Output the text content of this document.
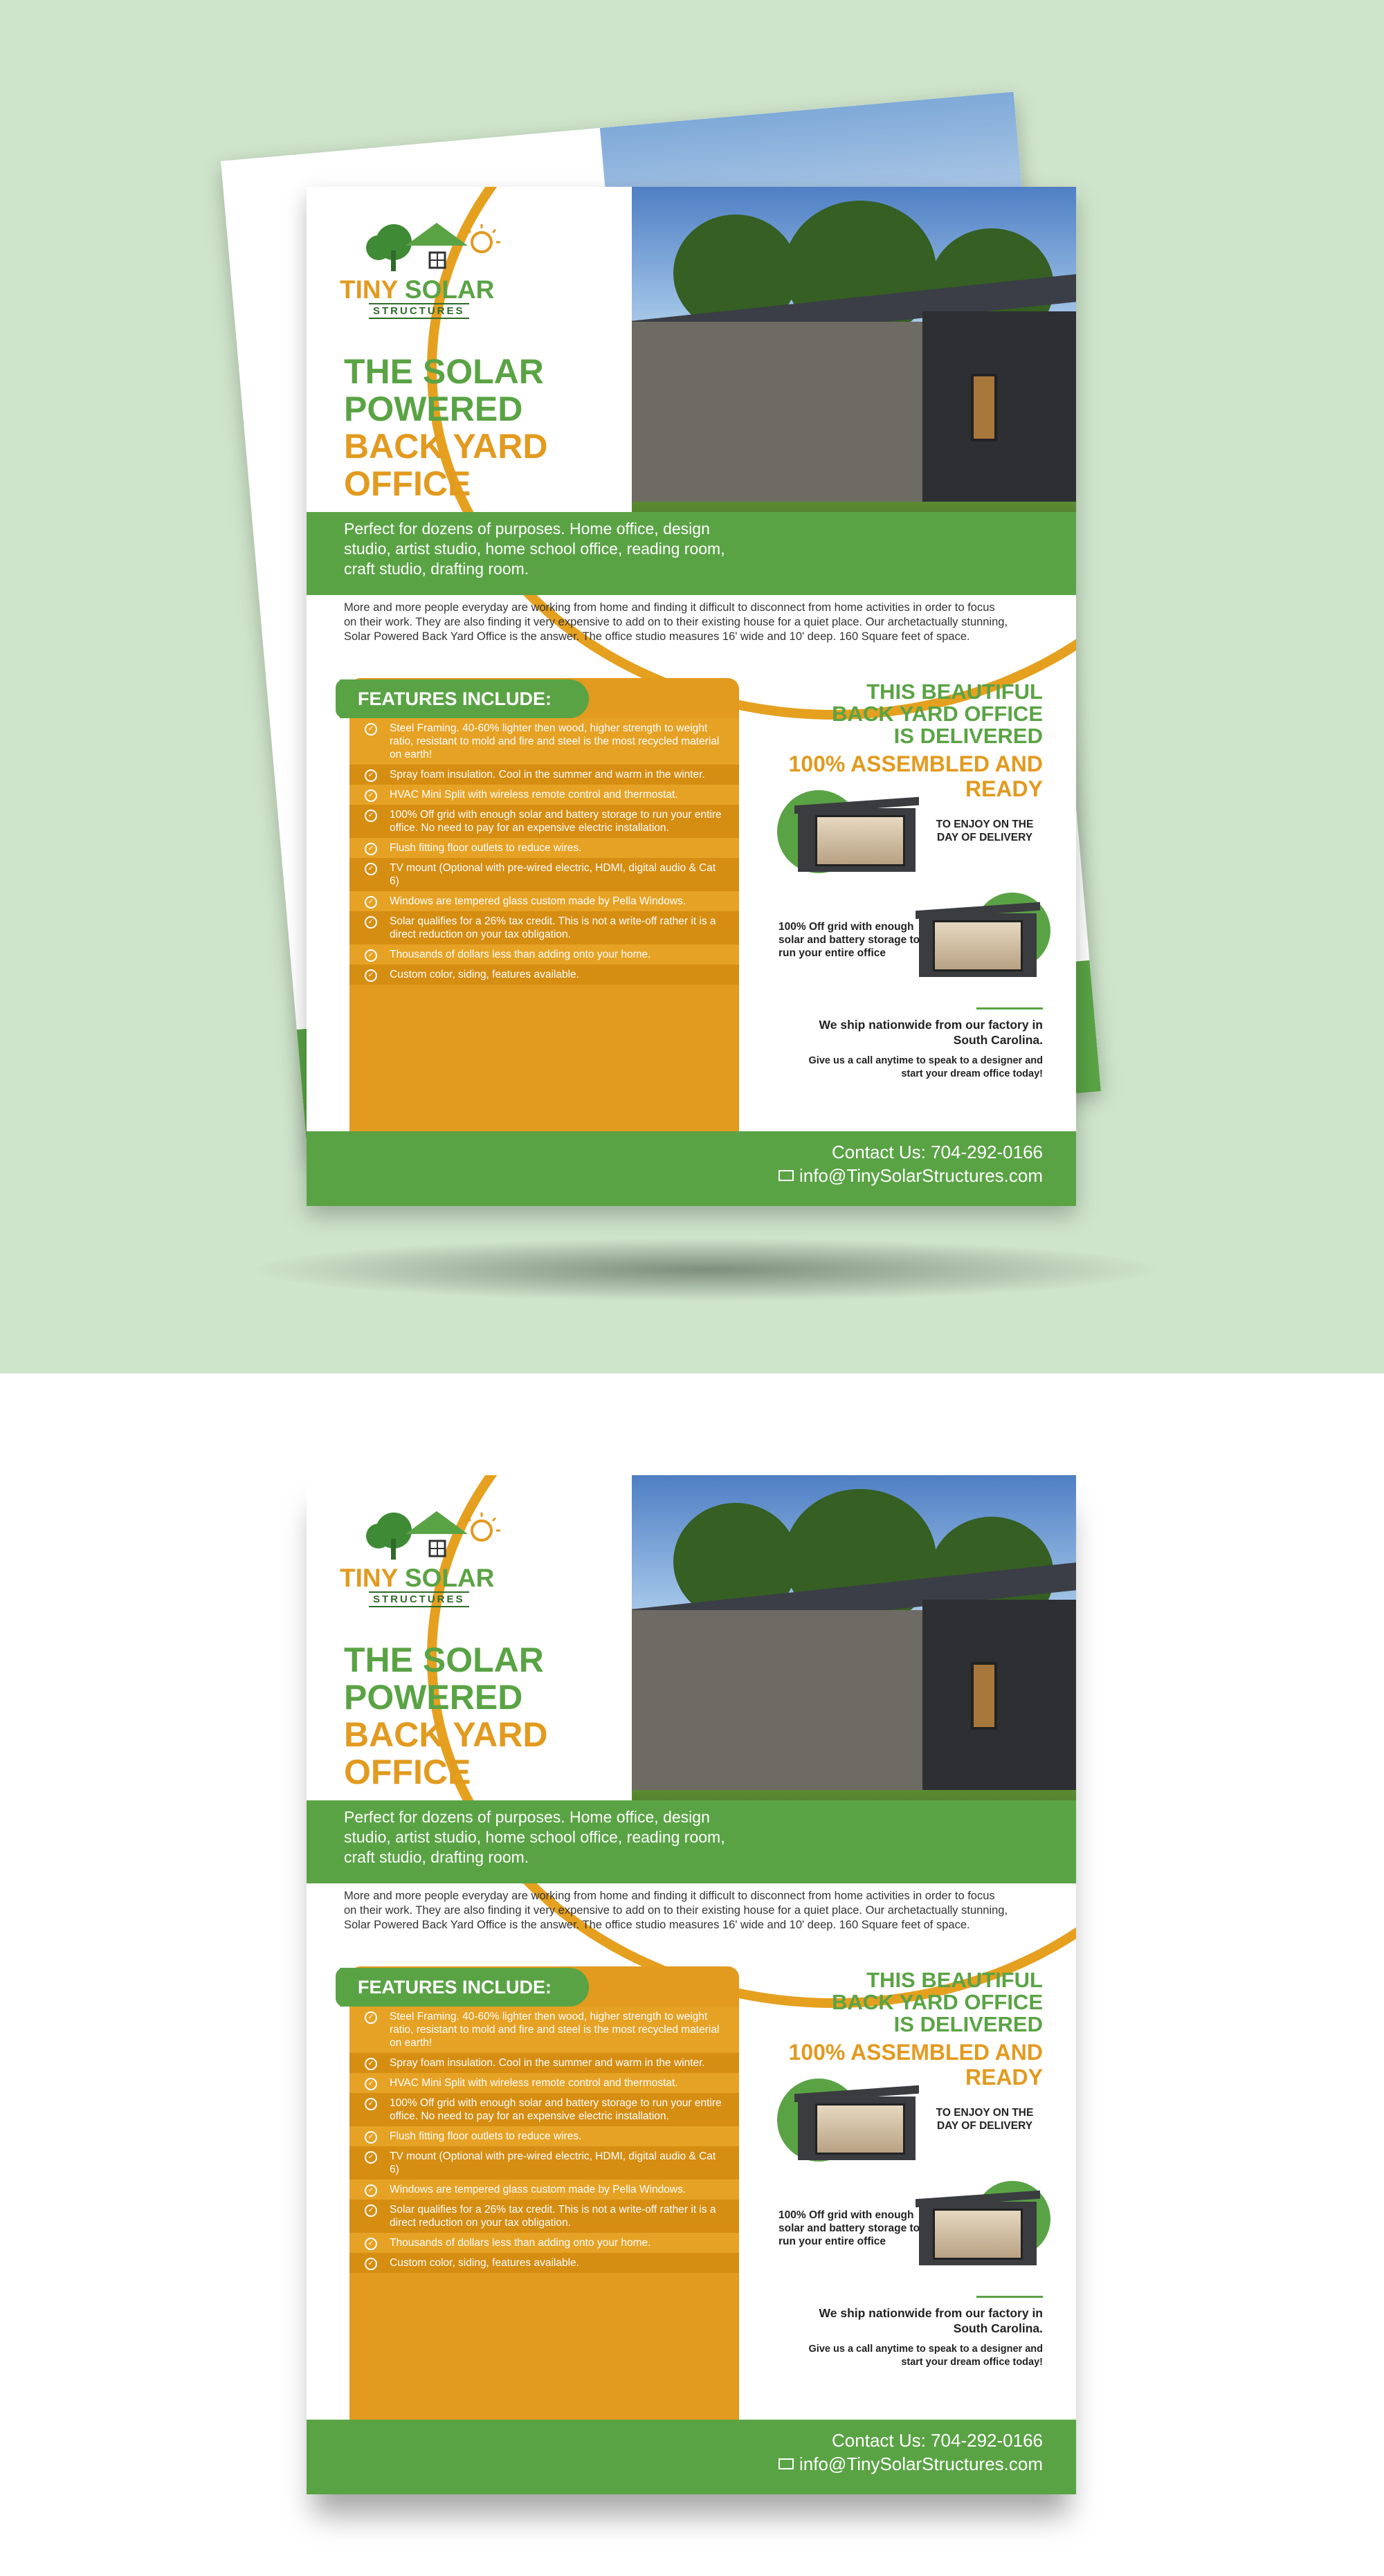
TINY SOLAR
STRUCTURES
THE SOLAR
POWERED
BACK YARD
OFFICE
Perfect for dozens of purposes. Home office, design studio, artist studio, home school office, reading room, craft studio, drafting room.
More and more people everyday are working from home and finding it difficult to disconnect from home activities in order to focus on their work. They are also finding it very expensive to add on to their existing house for a quiet place. Our archetactually stunning, Solar Powered Back Yard Office is the answer. The office studio measures 16' wide and 10' deep. 160 Square feet of space.
FEATURES INCLUDE:
✓	Steel Framing. 40-60% lighter then wood, higher strength to weight ratio, resistant to mold and fire and steel is the most recycled material on earth!
✓	Spray foam insulation. Cool in the summer and warm in the winter.
✓	HVAC Mini Split with wireless remote control and thermostat.
✓	100% Off grid with enough solar and battery storage to run your entire office. No need to pay for an expensive electric installation.
✓	Flush fitting floor outlets to reduce wires.
✓	TV mount (Optional with pre-wired electric, HDMI, digital audio & Cat 6)
✓	Windows are tempered glass custom made by Pella Windows.
✓	Solar qualifies for a 26% tax credit. This is not a write-off rather it is a direct reduction on your tax obligation.
✓	Thousands of dollars less than adding onto your home.
✓	Custom color, siding, features available.
THIS BEAUTIFUL
BACK YARD OFFICE
IS DELIVERED
100% ASSEMBLED AND READY
TO ENJOY ON THE DAY OF DELIVERY
100% Off grid with enough solar and battery storage to run your entire office
We ship nationwide from our factory in South Carolina.
Give us a call anytime to speak to a designer and start your dream office today!
Contact Us: 704-292-0166
info@TinySolarStructures.com
TINY SOLAR
STRUCTURES
THE SOLAR
POWERED
BACK YARD
OFFICE
Perfect for dozens of purposes. Home office, design studio, artist studio, home school office, reading room, craft studio, drafting room.
More and more people everyday are working from home and finding it difficult to disconnect from home activities in order to focus on their work. They are also finding it very expensive to add on to their existing house for a quiet place. Our archetactually stunning, Solar Powered Back Yard Office is the answer. The office studio measures 16' wide and 10' deep. 160 Square feet of space.
FEATURES INCLUDE:
✓	Steel Framing. 40-60% lighter then wood, higher strength to weight ratio, resistant to mold and fire and steel is the most recycled material on earth!
✓	Spray foam insulation. Cool in the summer and warm in the winter.
✓	HVAC Mini Split with wireless remote control and thermostat.
✓	100% Off grid with enough solar and battery storage to run your entire office. No need to pay for an expensive electric installation.
✓	Flush fitting floor outlets to reduce wires.
✓	TV mount (Optional with pre-wired electric, HDMI, digital audio & Cat 6)
✓	Windows are tempered glass custom made by Pella Windows.
✓	Solar qualifies for a 26% tax credit. This is not a write-off rather it is a direct reduction on your tax obligation.
✓	Thousands of dollars less than adding onto your home.
✓	Custom color, siding, features available.
THIS BEAUTIFUL
BACK YARD OFFICE
IS DELIVERED
100% ASSEMBLED AND READY
TO ENJOY ON THE DAY OF DELIVERY
100% Off grid with enough solar and battery storage to run your entire office
We ship nationwide from our factory in South Carolina.
Give us a call anytime to speak to a designer and start your dream office today!
Contact Us: 704-292-0166
info@TinySolarStructures.com
